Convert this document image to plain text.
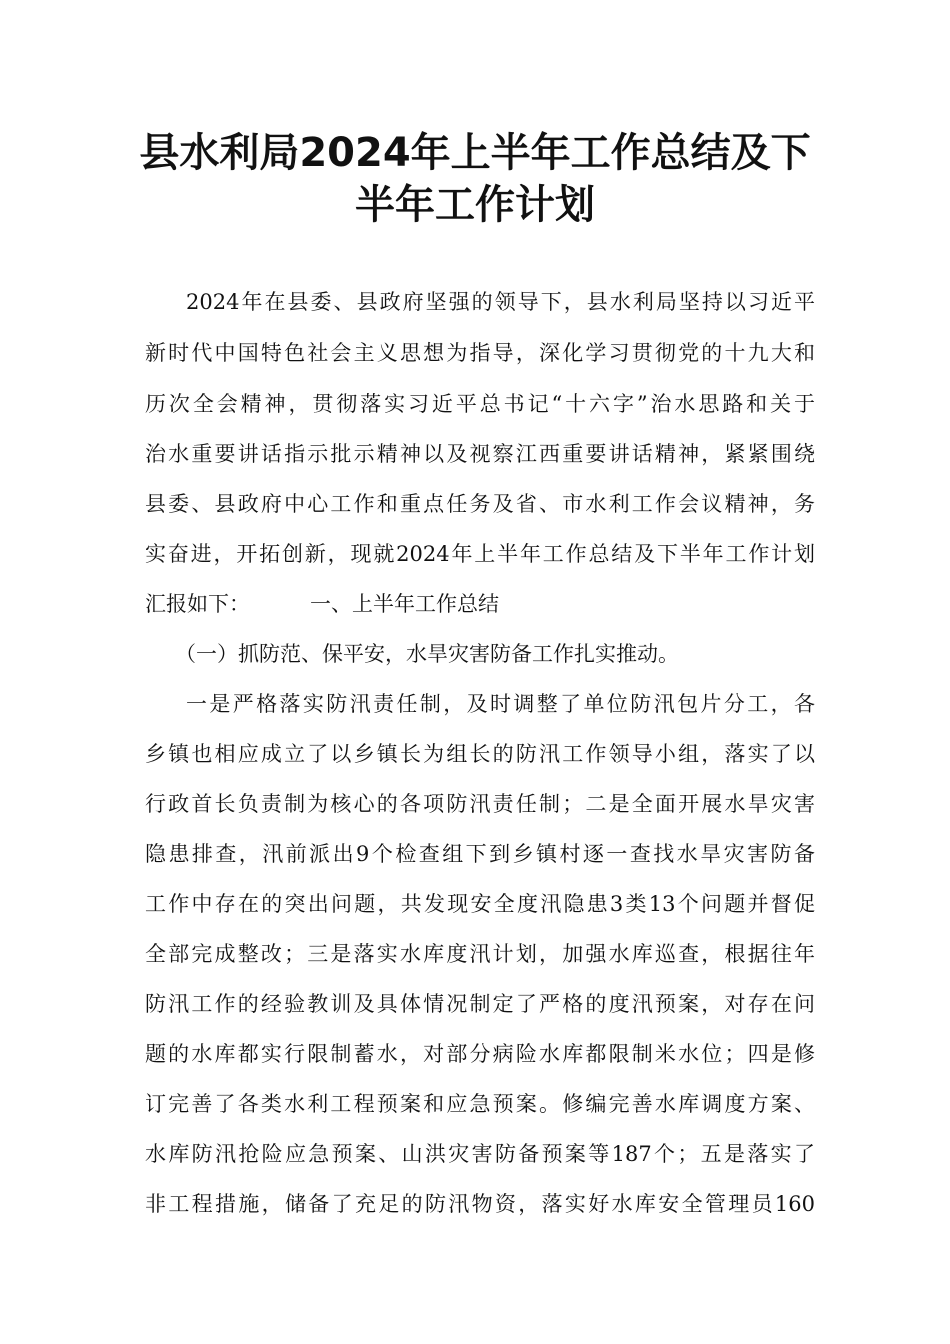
县水利局2024年上半年工作总结及下
半年工作计划
2024年在县委、县政府坚强的领导下，县水利局坚持以习近平
新时代中国特色社会主义思想为指导，深化学习贯彻党的十九大和
历次全会精神，贯彻落实习近平总书记“十六字”治水思路和关于
治水重要讲话指示批示精神以及视察江西重要讲话精神，紧紧围绕
县委、县政府中心工作和重点任务及省、市水利工作会议精神，务
实奋进，开拓创新，现就2024年上半年工作总结及下半年工作计划
汇报如下：	一、上半年工作总结
（一）抓防范、保平安，水旱灾害防备工作扎实推动。
一是严格落实防汛责任制，及时调整了单位防汛包片分工，各
乡镇也相应成立了以乡镇长为组长的防汛工作领导小组，落实了以
行政首长负责制为核心的各项防汛责任制；二是全面开展水旱灾害
隐患排查，汛前派出9个检查组下到乡镇村逐一查找水旱灾害防备
工作中存在的突出问题，共发现安全度汛隐患3类13个问题并督促
全部完成整改；三是落实水库度汛计划，加强水库巡查，根据往年
防汛工作的经验教训及具体情况制定了严格的度汛预案，对存在问
题的水库都实行限制蓄水，对部分病险水库都限制米水位；四是修
订完善了各类水利工程预案和应急预案。修编完善水库调度方案、
水库防汛抢险应急预案、山洪灾害防备预案等187个；五是落实了
非工程措施，储备了充足的防汛物资，落实好水库安全管理员160
